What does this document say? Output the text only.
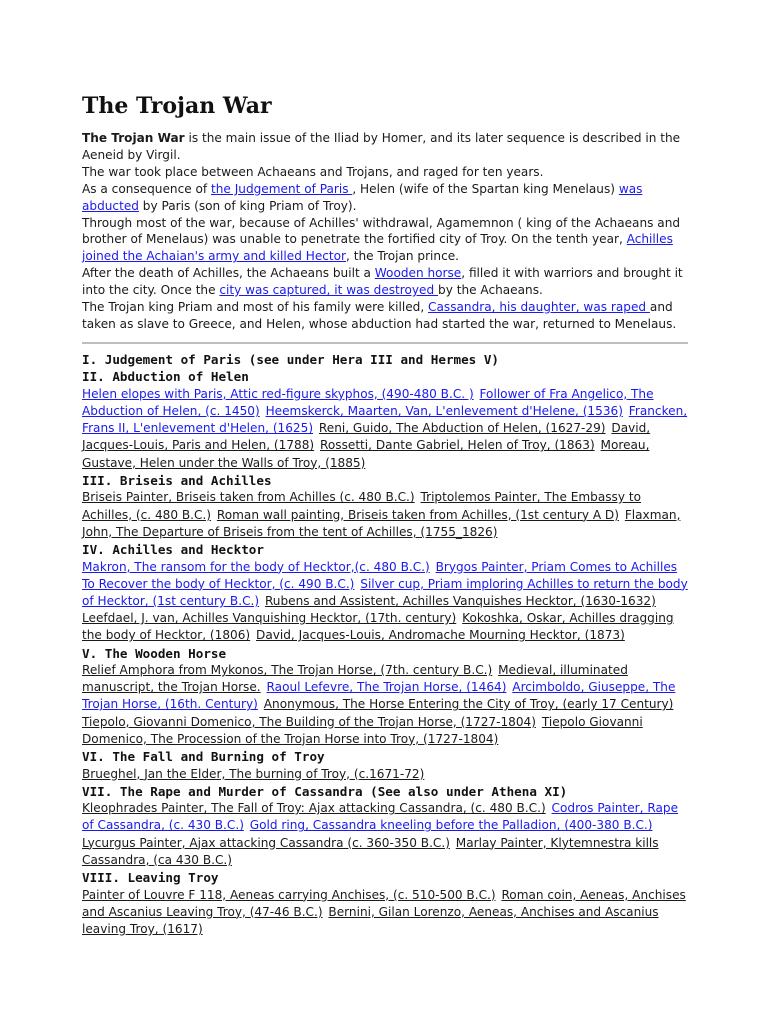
The Trojan War

The Trojan War is the main issue of the Iliad by Homer, and its later sequence is described in the Aeneid by Virgil.

The war took place between Achaeans and Trojans, and raged for ten years.

As a consequence of the Judgement of Paris , Helen (wife of the Spartan king Menelaus) was abducted by Paris (son of king Priam of Troy).

Through most of the war, because of Achilles' withdrawal, Agamemnon ( king of the Achaeans and brother of Menelaus) was unable to penetrate the fortified city of Troy. On the tenth year, Achilles joined the Achaian's army and killed Hector, the Trojan prince.

After the death of Achilles, the Achaeans built a Wooden horse, filled it with warriors and brought it into the city. Once the city was captured, it was destroyed by the Achaeans.

The Trojan king Priam and most of his family were killed, Cassandra, his daughter, was raped and taken as slave to Greece, and Helen, whose abduction had started the war, returned to Menelaus.

I. Judgement of Paris (see under Hera III and Hermes V)
II. Abduction of Helen
Helen elopes with Paris, Attic red-figure skyphos, (490-480 B.C. ) Follower of Fra Angelico, The Abduction of Helen, (c. 1450) Heemskerck, Maarten, Van, L'enlevement d'Helene, (1536) Francken, Frans II, L'enlevement d'Helen, (1625) Reni, Guido, The Abduction of Helen, (1627-29) David, Jacques-Louis, Paris and Helen, (1788) Rossetti, Dante Gabriel, Helen of Troy, (1863) Moreau, Gustave, Helen under the Walls of Troy, (1885)
III. Briseis and Achilles
Briseis Painter, Briseis taken from Achilles (c. 480 B.C.) Triptolemos Painter, The Embassy to Achilles, (c. 480 B.C.) Roman wall painting, Briseis taken from Achilles, (1st century A D) Flaxman, John, The Departure of Briseis from the tent of Achilles, (1755_1826)
IV. Achilles and Hecktor
Makron, The ransom for the body of Hecktor,(c. 480 B.C.) Brygos Painter, Priam Comes to Achilles To Recover the body of Hecktor, (c. 490 B.C.) Silver cup, Priam imploring Achilles to return the body of Hecktor, (1st century B.C.) Rubens and Assistent, Achilles Vanquishes Hecktor, (1630-1632) Leefdael, J. van, Achilles Vanquishing Hecktor, (17th. century) Kokoshka, Oskar, Achilles dragging the body of Hecktor, (1806) David, Jacques-Louis, Andromache Mourning Hecktor, (1873)
V. The Wooden Horse
Relief Amphora from Mykonos, The Trojan Horse, (7th. century B.C.) Medieval, illuminated manuscript, the Trojan Horse. Raoul Lefevre, The Trojan Horse, (1464) Arcimboldo, Giuseppe, The Trojan Horse, (16th. Century) Anonymous, The Horse Entering the City of Troy, (early 17 Century) Tiepolo, Giovanni Domenico, The Building of the Trojan Horse, (1727-1804) Tiepolo Giovanni Domenico, The Procession of the Trojan Horse into Troy, (1727-1804)
VI. The Fall and Burning of Troy
Brueghel, Jan the Elder, The burning of Troy, (c.1671-72)
VII. The Rape and Murder of Cassandra (See also under Athena XI)
Kleophrades Painter, The Fall of Troy: Ajax attacking Cassandra, (c. 480 B.C.) Codros Painter, Rape of Cassandra, (c. 430 B.C.) Gold ring, Cassandra kneeling before the Palladion, (400-380 B.C.) Lycurgus Painter, Ajax attacking Cassandra (c. 360-350 B.C.) Marlay Painter, Klytemnestra kills Cassandra, (ca 430 B.C.)
VIII. Leaving Troy
Painter of Louvre F 118, Aeneas carrying Anchises, (c. 510-500 B.C.) Roman coin, Aeneas, Anchises and Ascanius Leaving Troy, (47-46 B.C.) Bernini, Gilan Lorenzo, Aeneas, Anchises and Ascanius leaving Troy, (1617)
